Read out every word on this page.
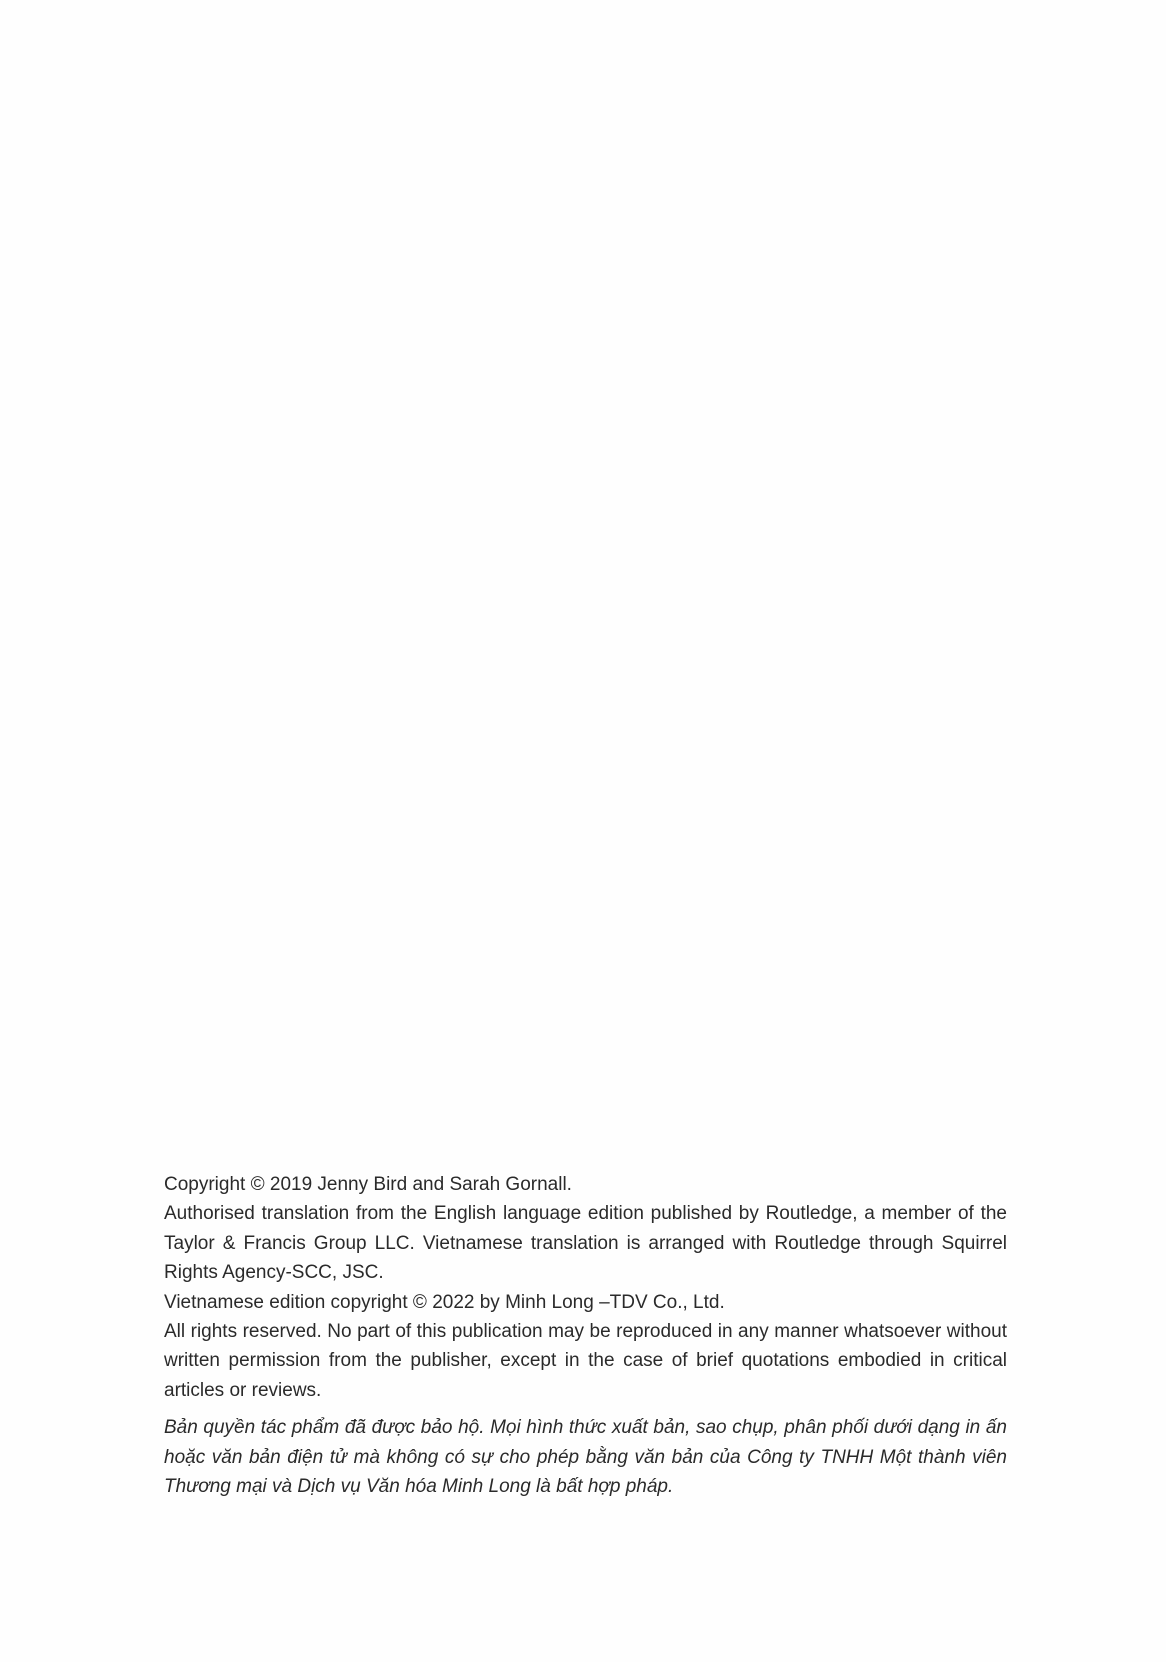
Copyright © 2019 Jenny Bird and Sarah Gornall.

Authorised translation from the English language edition published by Routledge, a member of the Taylor & Francis Group LLC. Vietnamese translation is arranged with Routledge through Squirrel Rights Agency-SCC, JSC.

Vietnamese edition copyright © 2022 by Minh Long –TDV Co., Ltd.

All rights reserved. No part of this publication may be reproduced in any manner whatsoever without written permission from the publisher, except in the case of brief quotations embodied in critical articles or reviews.

Bản quyền tác phẩm đã được bảo hộ. Mọi hình thức xuất bản, sao chụp, phân phối dưới dạng in ấn hoặc văn bản điện tử mà không có sự cho phép bằng văn bản của Công ty TNHH Một thành viên Thương mại và Dịch vụ Văn hóa Minh Long là bất hợp pháp.
